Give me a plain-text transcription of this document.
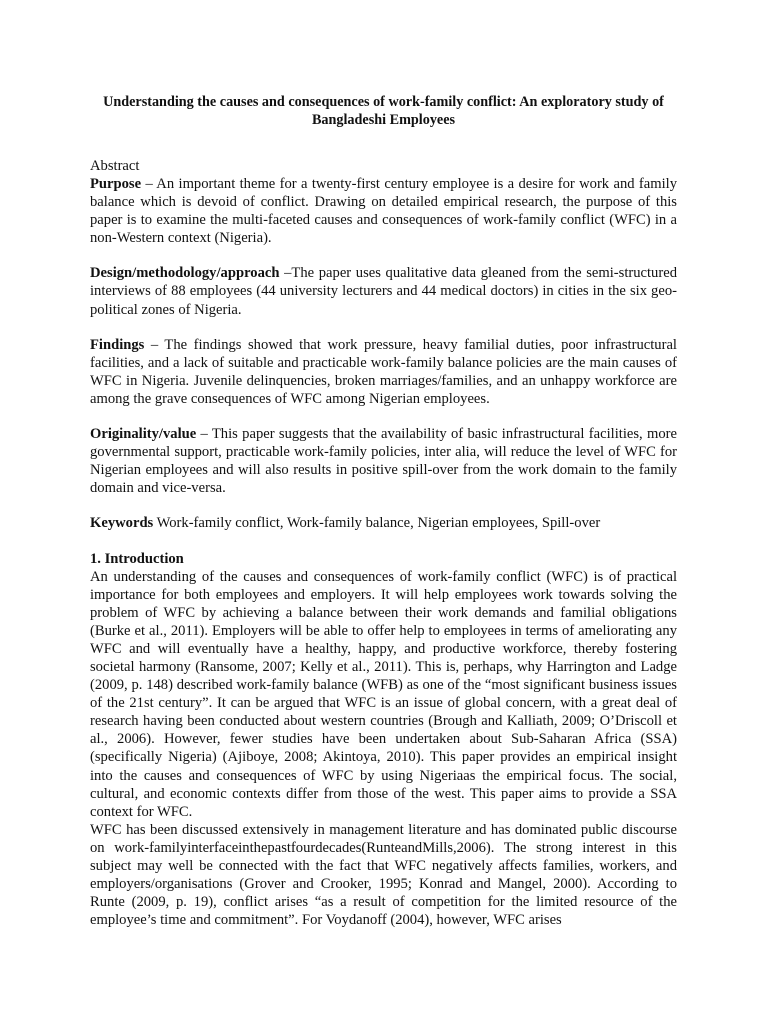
Understanding the causes and consequences of work-family conflict: An exploratory study of Bangladeshi Employees
Abstract

Purpose – An important theme for a twenty-first century employee is a desire for work and family balance which is devoid of conflict. Drawing on detailed empirical research, the purpose of this paper is to examine the multi-faceted causes and consequences of work-family conflict (WFC) in a non-Western context (Nigeria).

Design/methodology/approach –The paper uses qualitative data gleaned from the semi-structured interviews of 88 employees (44 university lecturers and 44 medical doctors) in cities in the six geo-political zones of Nigeria.

Findings – The findings showed that work pressure, heavy familial duties, poor infrastructural facilities, and a lack of suitable and practicable work-family balance policies are the main causes of WFC in Nigeria. Juvenile delinquencies, broken marriages/families, and an unhappy workforce are among the grave consequences of WFC among Nigerian employees.

Originality/value – This paper suggests that the availability of basic infrastructural facilities, more governmental support, practicable work-family policies, inter alia, will reduce the level of WFC for Nigerian employees and will also results in positive spill-over from the work domain to the family domain and vice-versa.

Keywords Work-family conflict, Work-family balance, Nigerian employees, Spill-over

1. Introduction

An understanding of the causes and consequences of work-family conflict (WFC) is of practical importance for both employees and employers. It will help employees work towards solving the problem of WFC by achieving a balance between their work demands and familial obligations (Burke et al., 2011). Employers will be able to offer help to employees in terms of ameliorating any WFC and will eventually have a healthy, happy, and productive workforce, thereby fostering societal harmony (Ransome, 2007; Kelly et al., 2011). This is, perhaps, why Harrington and Ladge (2009, p. 148) described work-family balance (WFB) as one of the “most significant business issues of the 21st century”. It can be argued that WFC is an issue of global concern, with a great deal of research having been conducted about western countries (Brough and Kalliath, 2009; O’Driscoll et al., 2006). However, fewer studies have been undertaken about Sub-Saharan Africa (SSA) (specifically Nigeria) (Ajiboye, 2008; Akintoya, 2010). This paper provides an empirical insight into the causes and consequences of WFC by using Nigeriaas the empirical focus. The social, cultural, and economic contexts differ from those of the west. This paper aims to provide a SSA context for WFC.

WFC has been discussed extensively in management literature and has dominated public discourse on work-familyinterfaceinthepastfourdecades(RunteandMills,2006). The strong interest in this subject may well be connected with the fact that WFC negatively affects families, workers, and employers/organisations (Grover and Crooker, 1995; Konrad and Mangel, 2000). According to Runte (2009, p. 19), conflict arises “as a result of competition for the limited resource of the employee’s time and commitment”. For Voydanoff (2004), however, WFC arises
